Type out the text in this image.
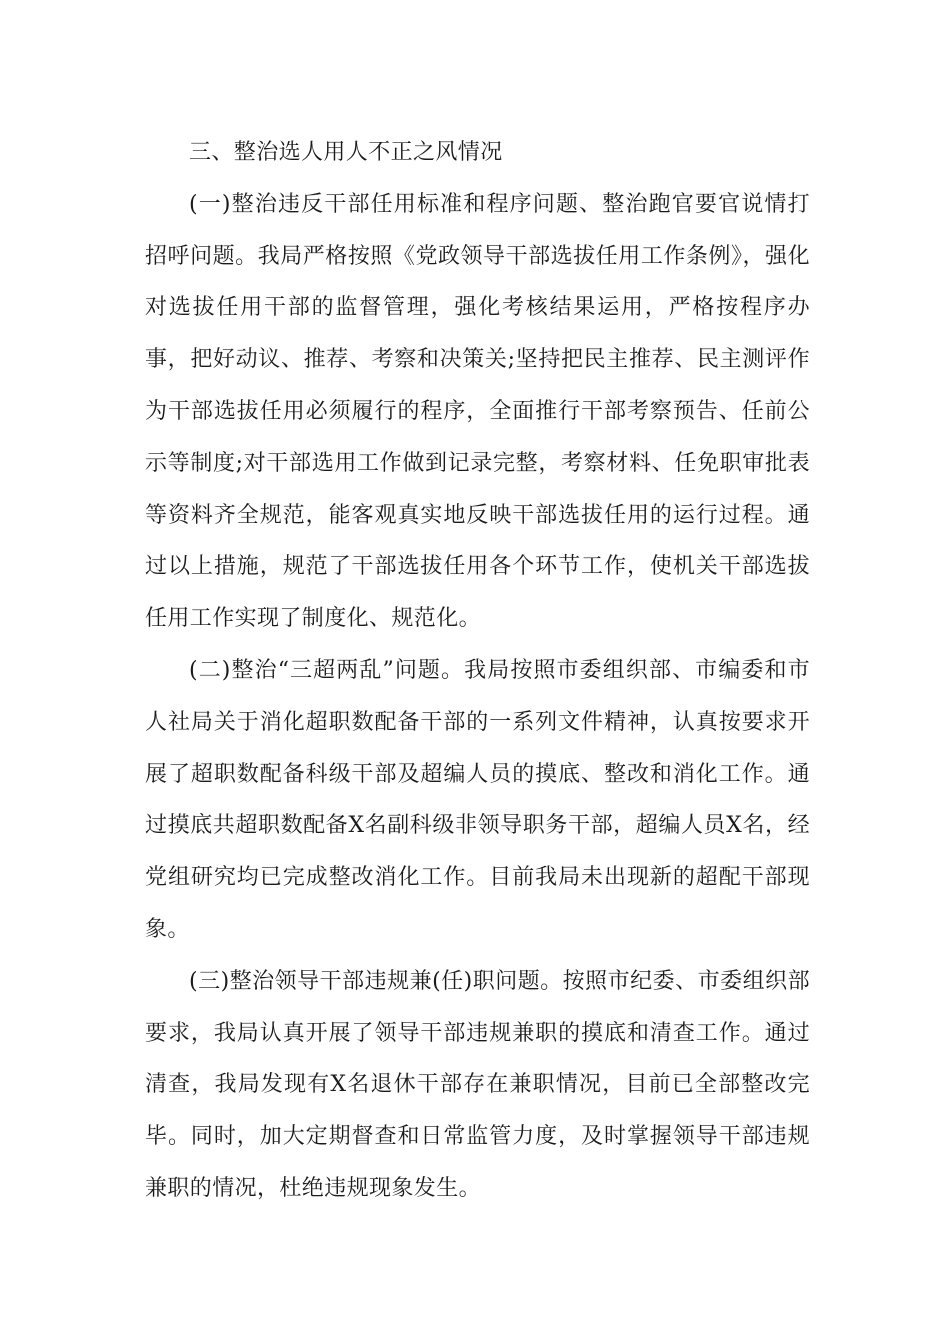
三、整治选人用人不正之风情况

(一)整治违反干部任用标准和程序问题、整治跑官要官说情打招呼问题。我局严格按照《党政领导干部选拔任用工作条例》，强化对选拔任用干部的监督管理，强化考核结果运用，严格按程序办事，把好动议、推荐、考察和决策关;坚持把民主推荐、民主测评作为干部选拔任用必须履行的程序，全面推行干部考察预告、任前公示等制度;对干部选用工作做到记录完整，考察材料、任免职审批表等资料齐全规范，能客观真实地反映干部选拔任用的运行过程。通过以上措施，规范了干部选拔任用各个环节工作，使机关干部选拔任用工作实现了制度化、规范化。

(二)整治“三超两乱”问题。我局按照市委组织部、市编委和市人社局关于消化超职数配备干部的一系列文件精神，认真按要求开展了超职数配备科级干部及超编人员的摸底、整改和消化工作。通过摸底共超职数配备X名副科级非领导职务干部，超编人员X名，经党组研究均已完成整改消化工作。目前我局未出现新的超配干部现象。

(三)整治领导干部违规兼(任)职问题。按照市纪委、市委组织部要求，我局认真开展了领导干部违规兼职的摸底和清查工作。通过清查，我局发现有X名退休干部存在兼职情况，目前已全部整改完毕。同时，加大定期督查和日常监管力度，及时掌握领导干部违规兼职的情况，杜绝违规现象发生。
